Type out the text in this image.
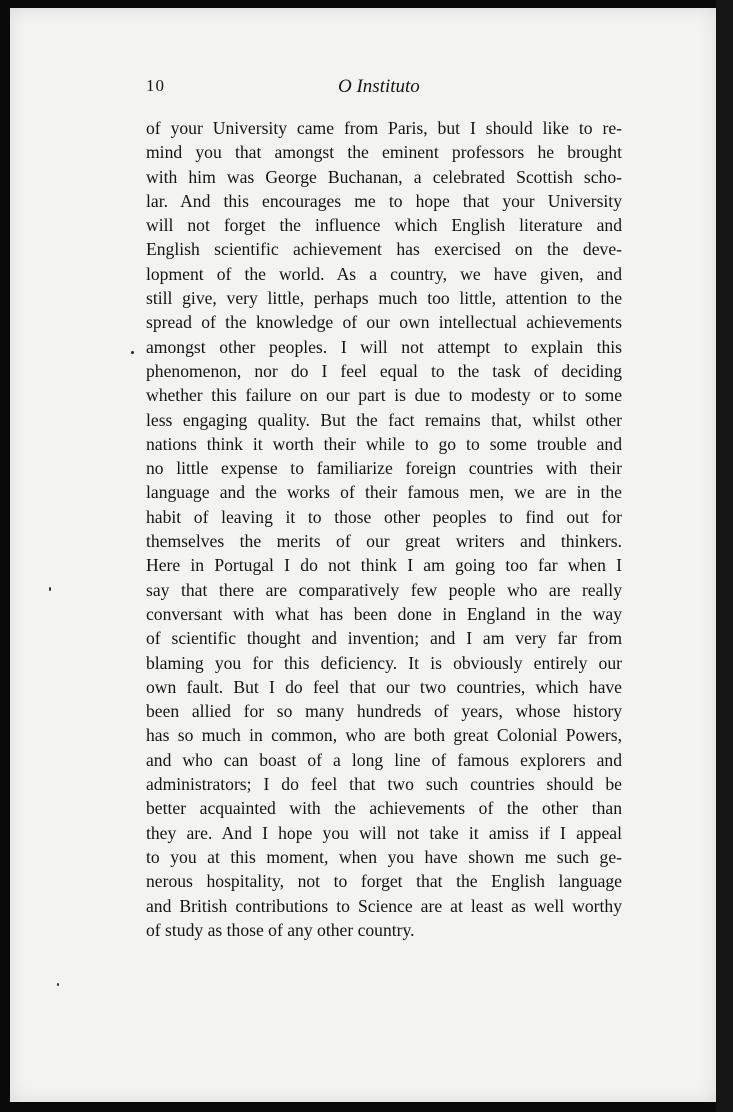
10	O Instituto
of your University came from Paris, but I should like to re-
mind you that amongst the eminent professors he brought
with him was George Buchanan, a celebrated Scottish scho-
lar. And this encourages me to hope that your University
will not forget the influence which English literature and
English scientific achievement has exercised on the deve-
lopment of the world. As a country, we have given, and
still give, very little, perhaps much too little, attention to the
spread of the knowledge of our own intellectual achievements
amongst other peoples. I will not attempt to explain this
phenomenon, nor do I feel equal to the task of deciding
whether this failure on our part is due to modesty or to some
less engaging quality. But the fact remains that, whilst other
nations think it worth their while to go to some trouble and
no little expense to familiarize foreign countries with their
language and the works of their famous men, we are in the
habit of leaving it to those other peoples to find out for
themselves the merits of our great writers and thinkers.
Here in Portugal I do not think I am going too far when I
say that there are comparatively few people who are really
conversant with what has been done in England in the way
of scientific thought and invention; and I am very far from
blaming you for this deficiency. It is obviously entirely our
own fault. But I do feel that our two countries, which have
been allied for so many hundreds of years, whose history
has so much in common, who are both great Colonial Powers,
and who can boast of a long line of famous explorers and
administrators; I do feel that two such countries should be
better acquainted with the achievements of the other than
they are. And I hope you will not take it amiss if I appeal
to you at this moment, when you have shown me such ge-
nerous hospitality, not to forget that the English language
and British contributions to Science are at least as well worthy
of study as those of any other country.
